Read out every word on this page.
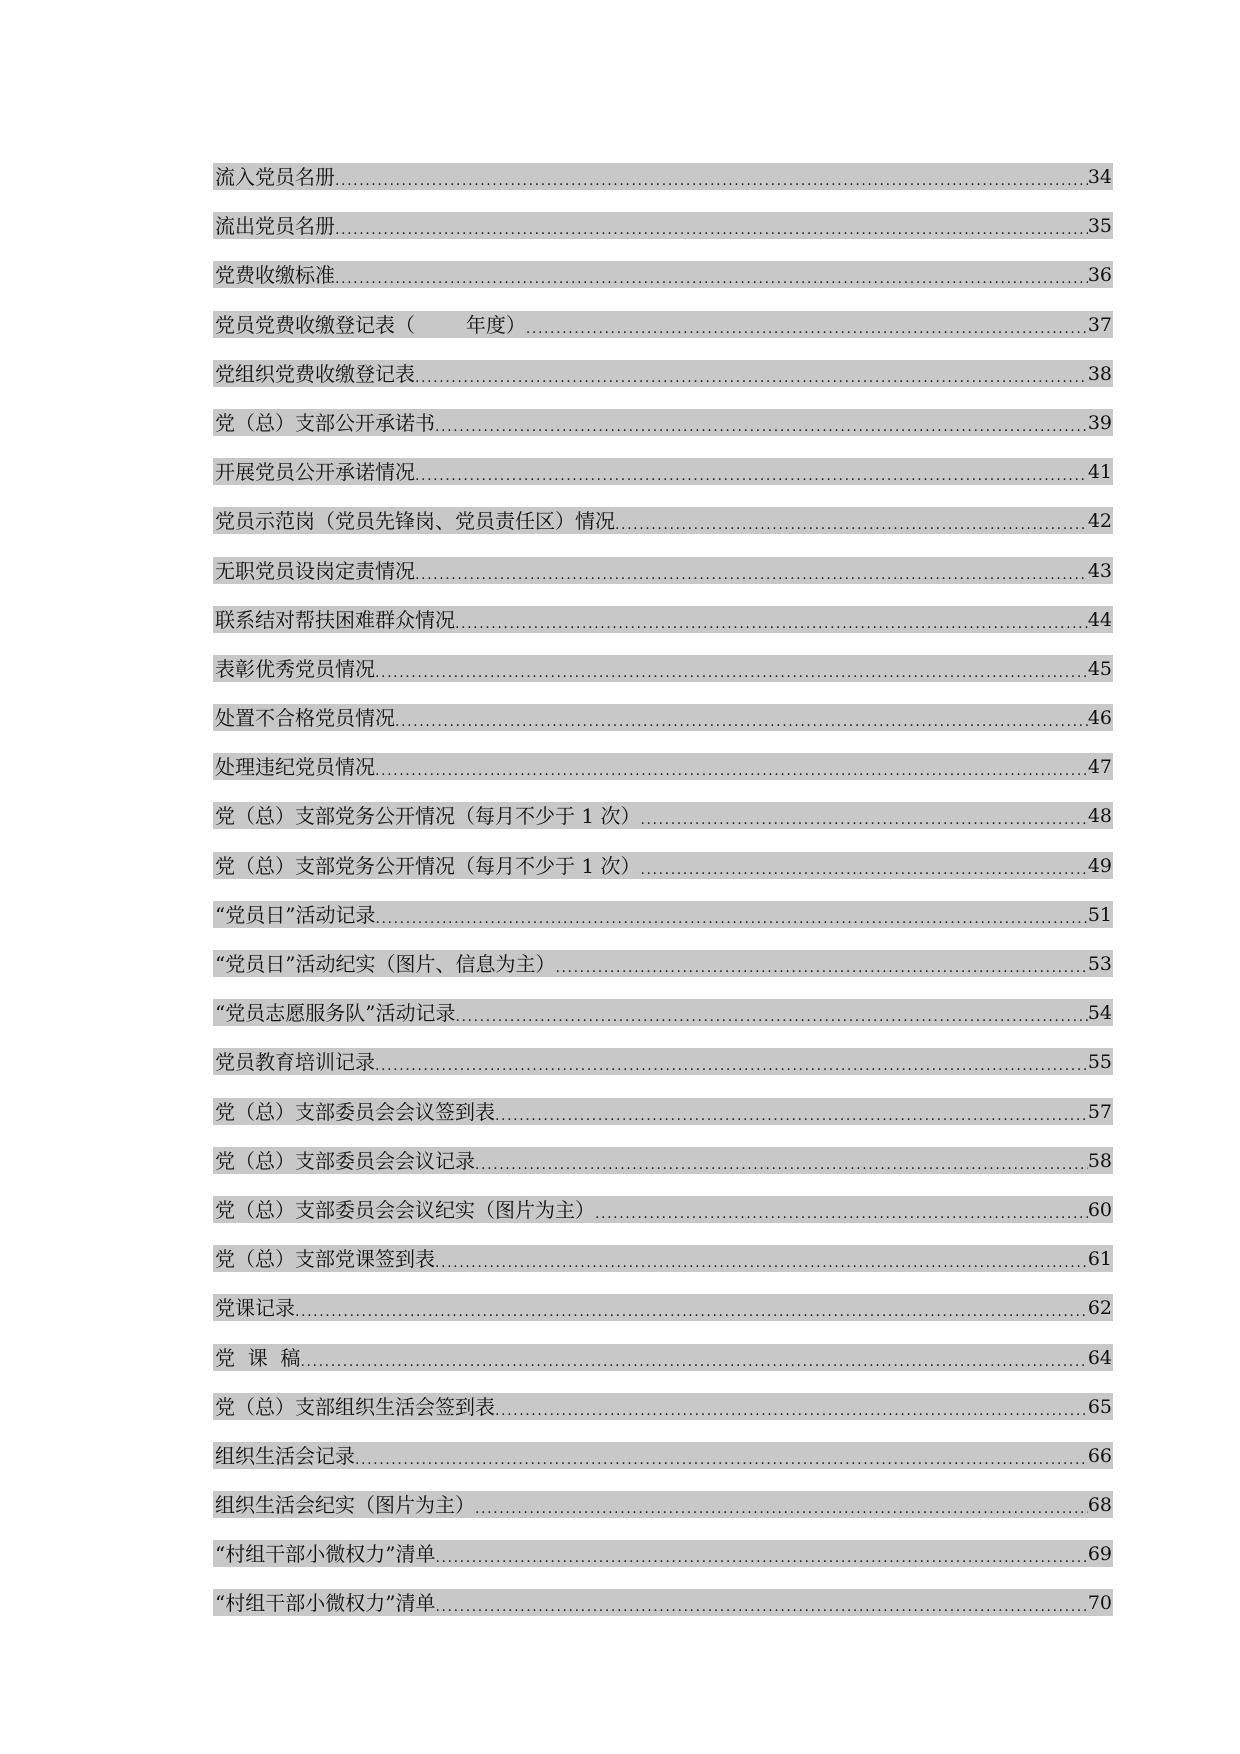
流入党员名册 .....	34
流出党员名册 .....	35
党费收缴标准 .....	36
党员党费收缴登记表（        年度） .....	37
党组织党费收缴登记表 .....	38
党（总）支部公开承诺书 .....	39
开展党员公开承诺情况 .....	41
党员示范岗（党员先锋岗、党员责任区）情况 .....	42
无职党员设岗定责情况 .....	43
联系结对帮扶困难群众情况 .....	44
表彰优秀党员情况 .....	45
处置不合格党员情况 .....	46
处理违纪党员情况 .....	47
党（总）支部党务公开情况（每月不少于 1 次） .....	48
党（总）支部党务公开情况（每月不少于 1 次） .....	49
“党员日”活动记录 .....	51
“党员日”活动纪实（图片、信息为主） .....	53
“党员志愿服务队”活动记录 .....	54
党员教育培训记录 .....	55
党（总）支部委员会会议签到表 .....	57
党（总）支部委员会会议记录 .....	58
党（总）支部委员会会议纪实（图片为主） .....	60
党（总）支部党课签到表 .....	61
党课记录 .....	62
党  课  稿 .....	64
党（总）支部组织生活会签到表 .....	65
组织生活会记录 .....	66
组织生活会纪实（图片为主） .....	68
“村组干部小微权力”清单 .....	69
“村组干部小微权力”清单 .....	70
